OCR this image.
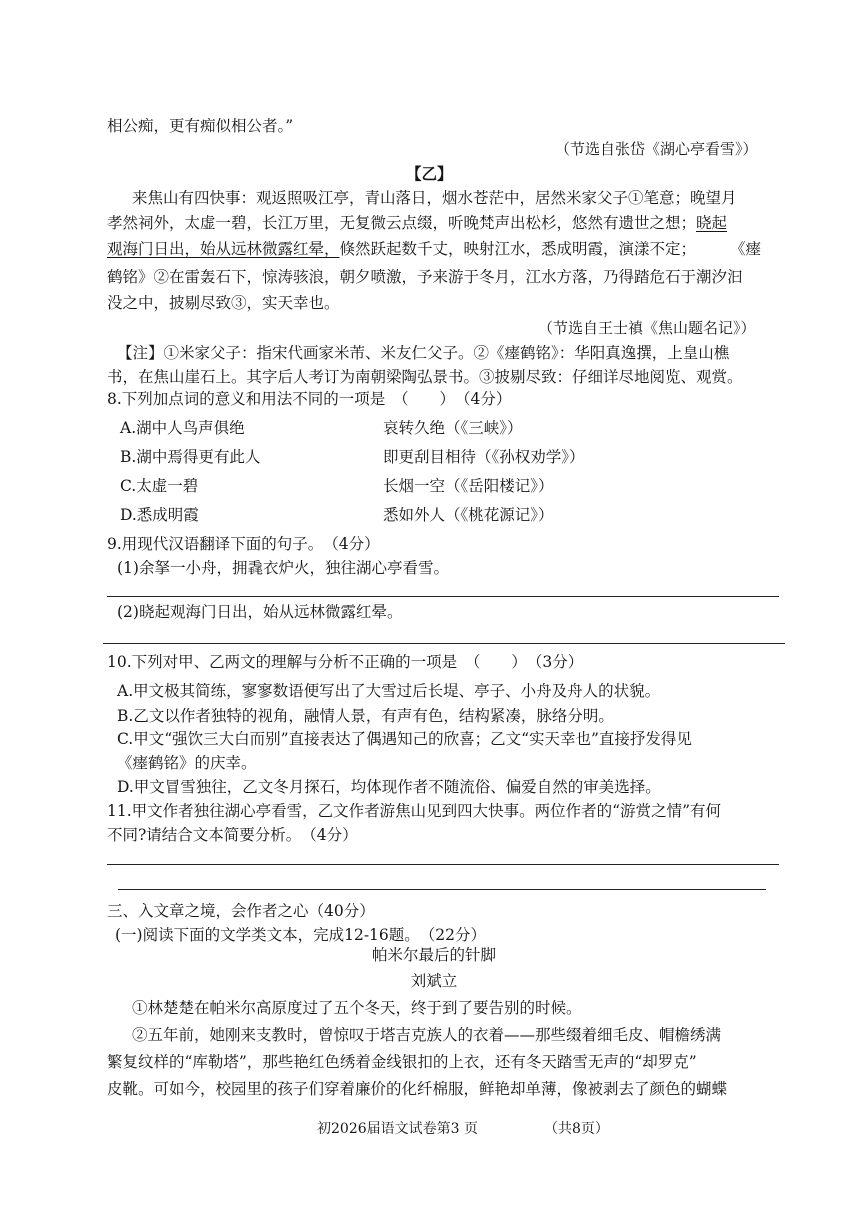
相公痴，更有痴似相公者。”
（节选自张岱《湖心亭看雪》）
【乙】
来焦山有四快事：观返照吸江亭，青山落日，烟水苍茫中，居然米家父子①笔意；晚望月
孝然祠外，太虚一碧，长江万里，无复微云点缀，听晚梵声出松杉，悠然有遗世之想；晓起
观海门日出，始从远林微露红晕，倏然跃起数千丈，映射江水，悉成明霞，演漾不定； 《瘗
鹤铭》②在雷轰石下，惊涛骇浪，朝夕喷激，予来游于冬月，江水方落，乃得踏危石于潮汐汩
没之中，披剔尽致③，实天幸也。
（节选自王士禛《焦山题名记》）
【注】①米家父子：指宋代画家米芾、米友仁父子。②《瘗鹤铭》：华阳真逸撰，上皇山樵
书，在焦山崖石上。其字后人考订为南朝梁陶弘景书。③披剔尽致：仔细详尽地阅览、观赏。
8.下列加点词的意义和用法不同的一项是　（　　）　（4分）
A.湖中人鸟声俱绝	哀转久绝（《三峡》）
B.湖中焉得更有此人	即更刮目相待（《孙权劝学》）
C.太虚一碧	长烟一空（《岳阳楼记》）
D.悉成明霞	悉如外人（《桃花源记》）
9.用现代汉语翻译下面的句子。　（4分）
(1)余拏一小舟，拥毳衣炉火，独往湖心亭看雪。
(2)晓起观海门日出，始从远林微露红晕。
10.下列对甲、乙两文的理解与分析不正确的一项是　（　　）　（3分）
A.甲文极其简练，寥寥数语便写出了大雪过后长堤、亭子、小舟及舟人的状貌。
B.乙文以作者独特的视角，融情人景，有声有色，结构紧凑，脉络分明。
C.甲文“强饮三大白而别”直接表达了偶遇知己的欣喜；乙文“实天幸也”直接抒发得见
《瘗鹤铭》的庆幸。
D.甲文冒雪独往，乙文冬月探石，均体现作者不随流俗、偏爱自然的审美选择。
11.甲文作者独往湖心亭看雪，乙文作者游焦山见到四大快事。两位作者的“游赏之情”有何
不同?请结合文本简要分析。　（4分）
三、入文章之境，会作者之心（40分）
(一)阅读下面的文学类文本，完成12-16题。　（22分）
帕米尔最后的针脚
刘斌立
①林楚楚在帕米尔高原度过了五个冬天，终于到了要告别的时候。
②五年前，她刚来支教时，曾惊叹于塔吉克族人的衣着——那些缀着细毛皮、帽檐绣满
繁复纹样的“库勒塔”，那些艳红色绣着金线银扣的上衣，还有冬天踏雪无声的“却罗克”
皮靴。可如今，校园里的孩子们穿着廉价的化纤棉服，鲜艳却单薄，像被剥去了颜色的蝴蝶
初2026届语文试卷第3 页	（共8页）
